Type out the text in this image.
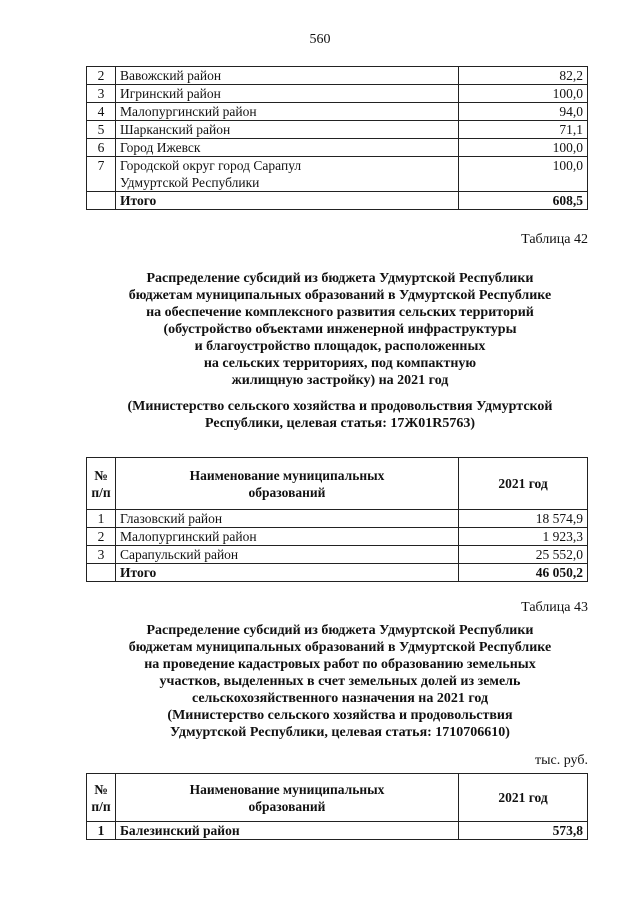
560
2	Вавожский район	82,2
3	Игринский район	100,0
4	Малопургинский район	94,0
5	Шарканский район	71,1
6	Город Ижевск	100,0
7	Городской округ город Сарапул
Удмуртской Республики	100,0
	Итого	608,5
Таблица 42
Распределение субсидий из бюджета Удмуртской Республики
бюджетам муниципальных образований в Удмуртской Республике
на обеспечение комплексного развития сельских территорий
(обустройство объектами инженерной инфраструктуры
и благоустройство площадок, расположенных
на сельских территориях, под компактную
жилищную застройку) на 2021 год
(Министерство сельского хозяйства и продовольствия Удмуртской
Республики, целевая статья: 17Ж01R5763)
№
п/п	Наименование муниципальных
образований	2021 год
1	Глазовский район	18 574,9
2	Малопургинский район	1 923,3
3	Сарапульский район	25 552,0
	Итого	46 050,2
Таблица 43
Распределение субсидий из бюджета Удмуртской Республики
бюджетам муниципальных образований в Удмуртской Республике
на проведение кадастровых работ по образованию земельных
участков, выделенных в счет земельных долей из земель
сельскохозяйственного назначения на 2021 год
(Министерство сельского хозяйства и продовольствия
Удмуртской Республики, целевая статья: 1710706610)
тыс. руб.
№
п/п	Наименование муниципальных
образований	2021 год
1	Балезинский район	573,8
